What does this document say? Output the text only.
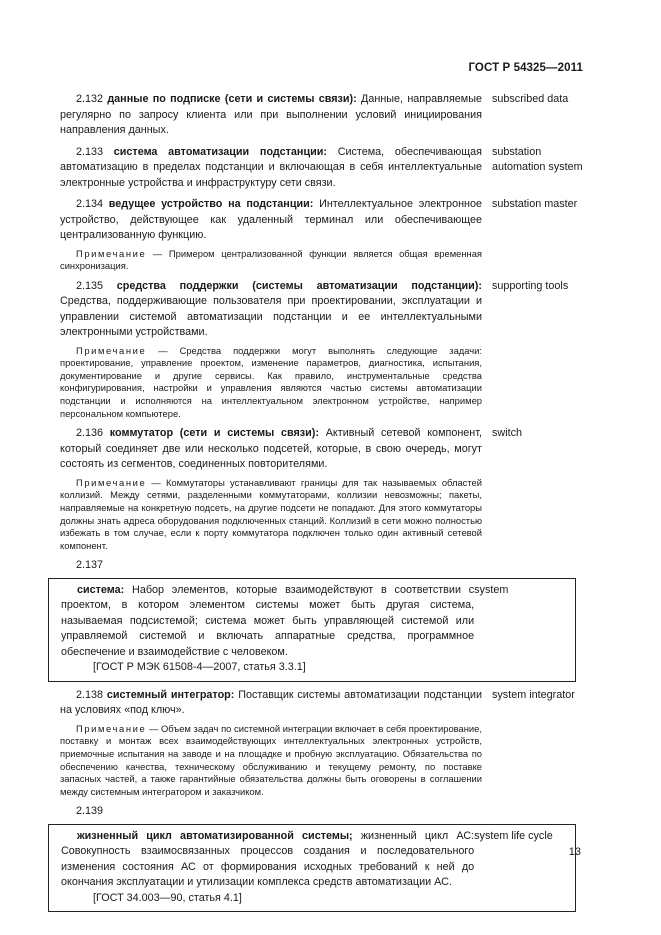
ГОСТ Р 54325—2011
2.132 данные по подписке (сети и системы связи): Данные, направляемые регулярно по запросу клиента или при выполнении условий инициирования направления данных.
subscribed data
2.133 система автоматизации подстанции: Система, обеспечивающая автоматизацию в пределах подстанции и включающая в себя интеллектуальные электронные устройства и инфраструктуру сети связи.
substation automation system
2.134 ведущее устройство на подстанции: Интеллектуальное электронное устройство, действующее как удаленный терминал или обеспечивающее централизованную функцию.
substation master
Примечание — Примером централизованной функции является общая временная синхронизация.
2.135 средства поддержки (системы автоматизации подстанции): Средства, поддерживающие пользователя при проектировании, эксплуатации и управлении системой автоматизации подстанции и ее интеллектуальными электронными устройствами.
supporting tools
Примечание — Средства поддержки могут выполнять следующие задачи: проектирование, управление проектом, изменение параметров, диагностика, испытания, документирование и другие сервисы. Как правило, инструментальные средства конфигурирования, настройки и управления являются частью системы автоматизации подстанции и исполняются на интеллектуальном электронном устройстве, например персональном компьютере.
2.136 коммутатор (сети и системы связи): Активный сетевой компонент, который соединяет две или несколько подсетей, которые, в свою очередь, могут состоять из сегментов, соединенных повторителями.
switch
Примечание — Коммутаторы устанавливают границы для так называемых областей коллизий. Между сетями, разделенными коммутаторами, коллизии невозможны; пакеты, направляемые на конкретную подсеть, на другие подсети не попадают. Для этого коммутаторы должны знать адреса оборудования подключенных станций. Коллизий в сети можно полностью избежать в том случае, если к порту коммутатора подключен только один активный сетевой компонент.
2.137
система: Набор элементов, которые взаимодействуют в соответствии с проектом, в котором элементом системы может быть другая система, называемая подсистемой; система может быть управляющей системой или управляемой системой и включать аппаратные средства, программное обеспечение и взаимодействие с человеком.
[ГОСТ Р МЭК 61508-4—2007, статья 3.3.1]
system
2.138 системный интегратор: Поставщик системы автоматизации подстанции на условиях «под ключ».
system integrator
Примечание — Объем задач по системной интеграции включает в себя проектирование, поставку и монтаж всех взаимодействующих интеллектуальных электронных устройств, приемочные испытания на заводе и на площадке и пробную эксплуатацию. Обязательства по обеспечению качества, техническому обслуживанию и текущему ремонту, по поставке запасных частей, а также гарантийные обязательства должны быть оговорены в соглашении между системным интегратором и заказчиком.
2.139
жизненный цикл автоматизированной системы; жизненный цикл АС: Совокупность взаимосвязанных процессов создания и последовательного изменения состояния АС от формирования исходных требований к ней до окончания эксплуатации и утилизации комплекса средств автоматизации АС.
[ГОСТ 34.003—90, статья 4.1]
system life cycle
13
